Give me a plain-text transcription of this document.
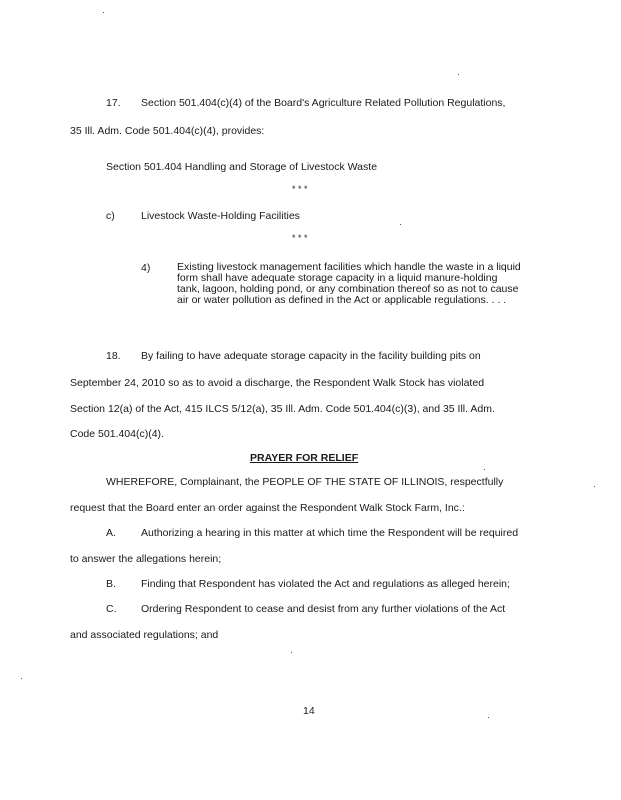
17. Section 501.404(c)(4) of the Board's Agriculture Related Pollution Regulations,
35 Ill. Adm. Code 501.404(c)(4), provides:
Section 501.404 Handling and Storage of Livestock Waste
* * *
c)	Livestock Waste-Holding Facilities
* * *
4)	Existing livestock management facilities which handle the waste in a liquid form shall have adequate storage capacity in a liquid manure-holding tank, lagoon, holding pond, or any combination thereof so as not to cause air or water pollution as defined in the Act or applicable regulations. . . .
18. By failing to have adequate storage capacity in the facility building pits on
September 24, 2010 so as to avoid a discharge, the Respondent Walk Stock has violated
Section 12(a) of the Act, 415 ILCS 5/12(a), 35 Ill. Adm. Code 501.404(c)(3), and 35 Ill. Adm.
Code 501.404(c)(4).
PRAYER FOR RELIEF
WHEREFORE, Complainant, the PEOPLE OF THE STATE OF ILLINOIS, respectfully
request that the Board enter an order against the Respondent Walk Stock Farm, Inc.:
A. Authorizing a hearing in this matter at which time the Respondent will be required
to answer the allegations herein;
B. Finding that Respondent has violated the Act and regulations as alleged herein;
C. Ordering Respondent to cease and desist from any further violations of the Act
and associated regulations; and
14
